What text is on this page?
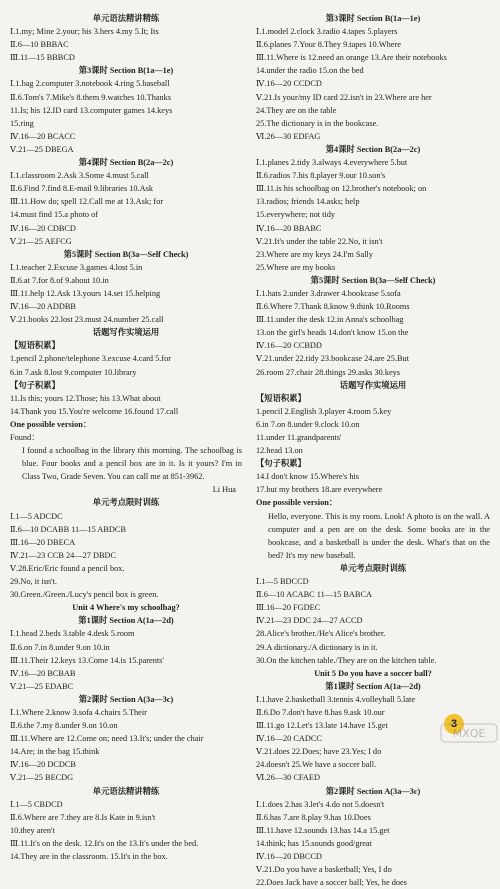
单元语法精讲精练
Ⅰ.1.my; Mine 2.your; his 3.hers 4.my 5.It; Its
Ⅱ.6—10 BBBAC
Ⅲ.11—15 BBBCD
第3课时 Section B(1a—1e)
Ⅰ.1.bag 2.computer 3.notebook 4.ring 5.baseball
Ⅱ.6.Tom's 7.Mike's 8.them 9.watches 10.Thanks
11.Is; his 12.ID card 13.computer games 14.keys
15.ring
Ⅳ.16—20 BCACC
Ⅴ.21—25 DBEGA
第4课时 Section B(2a—2c)
Ⅰ.1.classroom 2.Ask 3.Some 4.must 5.call
Ⅱ.6.Find 7.find 8.E-mail 9.libraries 10.Ask
Ⅲ.11.How do; spell 12.Call me at 13.Ask; for
14.must find 15.a photo of
Ⅳ.16—20 CDBCD
Ⅴ.21—25 AEFCG
第5课时 Section B(3a—Self Check)
Ⅰ.1.teacher 2.Excuse 3.games 4.lost 5.in
Ⅱ.6.at 7.for 8.of 9.about 10.in
Ⅲ.11.help 12.Ask 13.yours 14.set 15.helping
Ⅳ.16—20 ADDBB
Ⅴ.21.books 22.lost 23.must 24.number 25.call
话题写作实境运用
【短语积累】
1.pencil 2.phone/telephone 3.excuse 4.card 5.for
6.in 7.ask 8.lost 9.computer 10.library
【句子积累】
11.Is this; yours 12.Those; his 13.What about
14.Thank you 15.You're welcome 16.found 17.call
One possible version：
Found：
I found a schoolbag in the library this morning. The schoolbag is blue. Four books and a pencil box are in it. Is it yours? I'm in Class Two, Grade Seven. You can call me at 851-3962.
Li Hua
单元考点限时训练
Ⅰ.1—5 ADCDC
Ⅱ.6—10 DCABB 11—15 ABDCB
Ⅲ.16—20 DBECA
Ⅳ.21—23 CCB 24—27 DBDC
Ⅴ.28.Eric/Eric found a pencil box.
29.No, it isn't.
30.Green./Green./Lucy's pencil box is green.
Unit 4 Where's my schoolbag?
第1课时 Section A(1a—2d)
Ⅰ.1.head 2.beds 3.table 4.desk 5.room
Ⅱ.6.on 7.in 8.under 9.on 10.in
Ⅲ.11.Their 12.keys 13.Come 14.is 15.parents'
Ⅳ.16—20 BCBAB
Ⅴ.21—25 EDABC
第2课时 Section A(3a—3c)
Ⅰ.1.Where 2.know 3.sofa 4.chairs 5.Their
Ⅱ.6.the 7.my 8.under 9.on 10.on
Ⅲ.11.Where are 12.Come on; need 13.It's; under the chair
14.Are; in the bag 15.think
Ⅳ.16—20 DCDCB
Ⅴ.21—25 BECDG
单元语法精讲精练
Ⅰ.1—5 CBDCD
Ⅱ.6.Where are 7.they are 8.Is Kate in 9.isn't
10.they aren't
Ⅲ.11.It's on the desk. 12.It's on the 13.It's under the bed.
14.They are in the classroom. 15.It's in the box.
第3课时 Section B(1a—1e)
Ⅰ.1.model 2.clock 3.radio 4.tapes 5.players
Ⅱ.6.planes 7.Your 8.They 9.tapes 10.Where
Ⅲ.11.Where is 12.need an orange 13.Are their notebooks
14.under the radio 15.on the bed
Ⅳ.16—20 CCDCD
Ⅴ.21.Is your/my ID card 22.isn't in 23.Where are her
24.They are on the table
25.The dictionary is in the bookcase.
Ⅵ.26—30 EDFAG
第4课时 Section B(2a—2c)
Ⅰ.1.planes 2.tidy 3.always 4.everywhere 5.but
Ⅱ.6.radios 7.his 8.player 9.our 10.son's
Ⅲ.11.is his schoolbag on 12.brother's notebook; on
13.radios; friends 14.asks; help
15.everywhere; not tidy
Ⅳ.16—20 BBABC
Ⅴ.21.It's under the table 22.No, it isn't
23.Where are my keys 24.I'm Sally
25.Where are my books
第5课时 Section B(3a—Self Check)
Ⅰ.1.hats 2.under 3.drawer 4.bookcase 5.sofa
Ⅱ.6.Where 7.Thank 8.know 9.think 10.Rooms
Ⅲ.11.under the desk 12.in Anna's schoolbag
13.on the girl's heads 14.don't know 15.on the
Ⅳ.16—20 CCBDD
Ⅴ.21.under 22.tidy 23.bookcase 24.are 25.But
26.room 27.chair 28.things 29.asks 30.keys
话题写作实境运用
【短语积累】
1.pencil 2.English 3.player 4.room 5.key
6.in 7.on 8.under 9.clock 10.on
11.under 11.grandparents'
12.head 13.on
【句子积累】
14.I don't know 15.Where's his
17.but my brothers 18.are everywhere
One possible version：
Hello, everyone. This is my room. Look! A photo is on the wall. A computer and a pen are on the desk. Some books are in the bookcase, and a basketball is under the desk. What's that on the bed? It's my new baseball.
单元考点限时训练
Ⅰ.1—5 BDCCD
Ⅱ.6—10 ACABC 11—15 BABCA
Ⅲ.16—20 FGDEC
Ⅳ.21—23 DDC 24—27 ACCD
28.Alice's brother./He's Alice's brother.
29.A dictionary./A dictionary is in it.
30.On the kitchen table./They are on the kitchen table.
Unit 5 Do you have a soccer ball?
第1课时 Section A(1a—2d)
Ⅰ.1.have 2.basketball 3.tennis 4.volleyball 5.late
Ⅱ.6.Do 7.don't have 8.has 9.ask 10.our
Ⅲ.11.go 12.Let's 13.late 14.have 15.get
Ⅳ.16—20 CADCC
Ⅴ.21.does 22.Does; have 23.Yes; I do
24.doesn't 25.We have a soccer ball.
Ⅵ.26—30 CFAED
第2课时 Section A(3a—3c)
Ⅰ.1.does 2.has 3.let's 4.do not 5.doesn't
Ⅱ.6.has 7.are 8.play 9.has 10.Does
Ⅲ.11.have 12.sounds 13.has 14.a 15.get
14.think; has 15.sounds good/great
Ⅳ.16—20 DBCCD
Ⅴ.21.Do you have a basketball; Yes, I do
22.Does Jack have a soccer ball; Yes, he does
3
MXQE
